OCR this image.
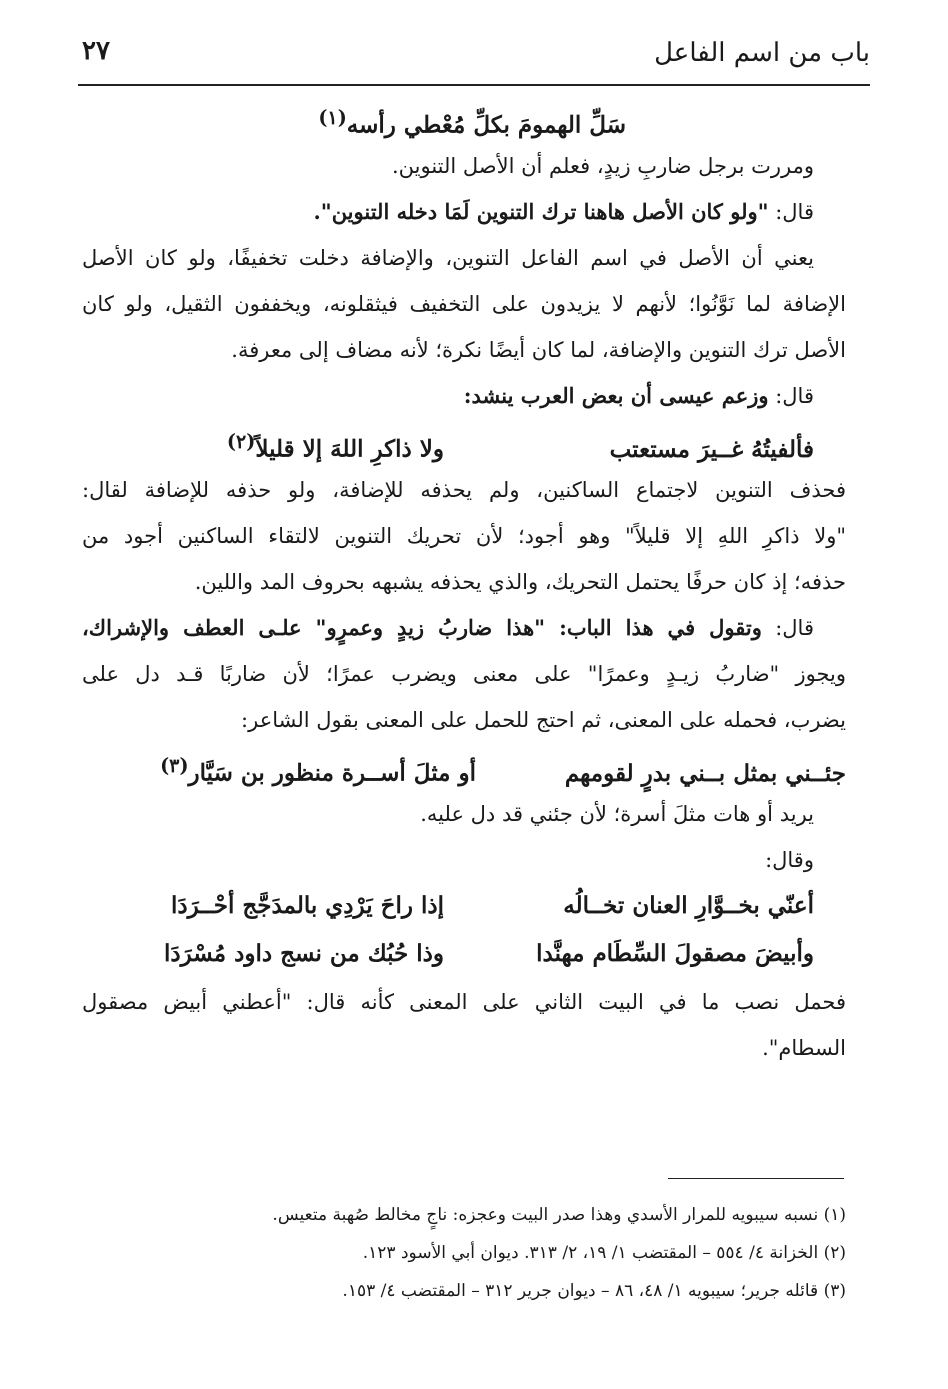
باب من اسم الفاعل
٢٧
سَلِّ الهمومَ بكلِّ مُعْطي رأسه$^{(١)}$
ومررت برجل ضاربِ زيدٍ، فعلم أن الأصل التنوين.
قال: "ولو كان الأصل هاهنا ترك التنوين لَمَا دخله التنوين".
يعني أن الأصل في اسم الفاعل التنوين، والإضافة دخلت تخفيفًا، ولو كان الأصل
الإضافة لما نَوَّنُوا؛ لأنهم لا يزيدون على التخفيف فيثقلونه، ويخففون الثقيل، ولو كان
الأصل ترك التنوين والإضافة، لما كان أيضًا نكرة؛ لأنه مضاف إلى معرفة.
قال: وزعم عيسى أن بعض العرب ينشد:
فألفيتُهُ غــيرَ مستعتبولا ذاكرِ اللهَ إلا قليلاً$^{(٢)}$
فحذف التنوين لاجتماع الساكنين، ولم يحذفه للإضافة، ولو حذفه للإضافة لقال:
"ولا ذاكرِ اللهِ إلا قليلاً" وهو أجود؛ لأن تحريك التنوين لالتقاء الساكنين أجود من
حذفه؛ إذ كان حرفًا يحتمل التحريك، والذي يحذفه يشبهه بحروف المد واللين.
قال: وتقول في هذا الباب: "هذا ضاربُ زيدٍ وعمرٍو" علـى العطف والإشراك،
ويجوز "ضاربُ زيـدٍ وعمرًا" على معنى ويضرب عمرًا؛ لأن ضاربًا قـد دل على
يضرب، فحمله على المعنى، ثم احتج للحمل على المعنى بقول الشاعر:
جئــني بمثل بــني بدرٍ لقومهمأو مثلَ أســرة منظور بن سَيَّار$^{(٣)}$
يريد أو هات مثلَ أسرة؛ لأن جئني قد دل عليه.
وقال:
أعنّي بخــوَّارِ العنان تخــالُهإذا راحَ يَرْدِي بالمدَجَّج أحْــرَدَا
وأبيضَ مصقولَ السِّطَام مهنَّداوذا حُبُك من نسج داود مُسْرَدَا
فحمل نصب ما في البيت الثاني على المعنى كأنه قال: "أعطني أبيض مصقول
السطام".
(١) نسبه سيبويه للمرار الأسدي وهذا صدر البيت وعجزه: ناجٍ مخالط صُهبة متعيس.
(٢) الخزانة ٤/ ٥٥٤ – المقتضب ١/ ١٩، ٢/ ٣١٣. ديوان أبي الأسود ١٢٣.
(٣) قائله جرير؛ سيبويه ١/ ٤٨، ٨٦ – ديوان جرير ٣١٢ – المقتضب ٤/ ١٥٣.
